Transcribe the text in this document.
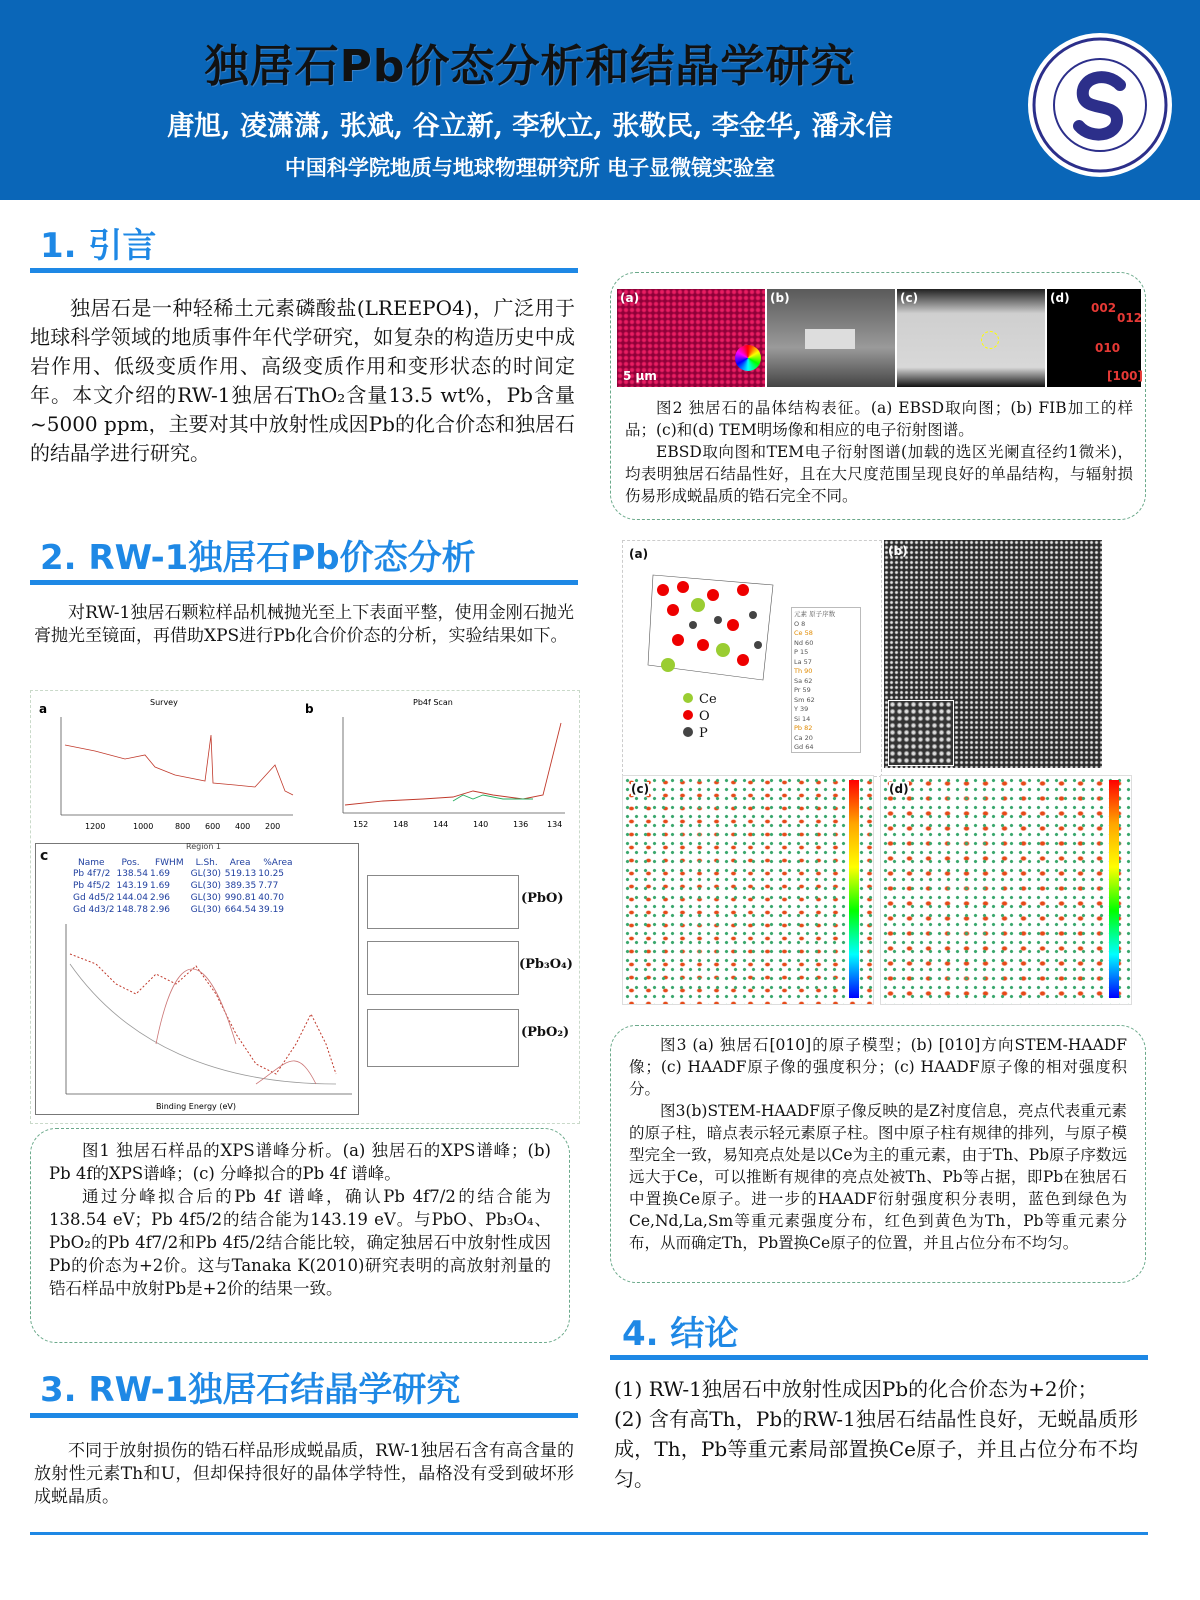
独居石Pb价态分析和结晶学研究
唐旭, 凌潇潇, 张斌, 谷立新, 李秋立, 张敬民, 李金华, 潘永信
中国科学院地质与地球物理研究所 电子显微镜实验室
1. 引言
独居石是一种轻稀土元素磷酸盐(LREEPO4)，广泛用于地球科学领域的地质事件年代学研究，如复杂的构造历史中成岩作用、低级变质作用、高级变质作用和变形状态的时间定年。本文介绍的RW-1独居石ThO₂含量13.5 wt%，Pb含量~5000 ppm，主要对其中放射性成因Pb的化合价态和独居石的结晶学进行研究。
2. RW-1独居石Pb价态分析
对RW-1独居石颗粒样品机械抛光至上下表面平整，使用金刚石抛光膏抛光至镜面，再借助XPS进行Pb化合价价态的分析，实验结果如下。
a	Survey
1200	1000	800 600 400 200
b	Pb4f Scan
152	148	144	140	136 134
c
Region 1
Name	Pos.	FWHM	L.Sh.	Area	%Area
Pb 4f7/2	138.54	1.69	GL(30)	519.13	10.25
Pb 4f5/2	143.19	1.69	GL(30)	389.35	7.77
Gd 4d5/2	144.04	2.96	GL(30)	990.81	40.70
Gd 4d3/2	148.78	2.96	GL(30)	664.54	39.19
Binding Energy (eV)
(PbO)
(Pb₃O₄)
(PbO₂)
图1 独居石样品的XPS谱峰分析。(a) 独居石的XPS谱峰；(b) Pb 4f的XPS谱峰；(c) 分峰拟合的Pb 4f 谱峰。
通过分峰拟合后的Pb 4f 谱峰，确认Pb 4f7/2的结合能为138.54 eV；Pb 4f5/2的结合能为143.19 eV。与PbO、Pb₃O₄、PbO₂的Pb 4f7/2和Pb 4f5/2结合能比较，确定独居石中放射性成因Pb的价态为+2价。这与Tanaka K(2010)研究表明的高放射剂量的锆石样品中放射Pb是+2价的结果一致。
3. RW-1独居石结晶学研究
不同于放射损伤的锆石样品形成蜕晶质，RW-1独居石含有高含量的放射性元素Th和U，但却保持很好的晶体学特性，晶格没有受到破坏形成蜕晶质。
(a)
5 μm
(b)	(c)	(d)
002
012
010
[100]
图2 独居石的晶体结构表征。(a) EBSD取向图；(b) FIB加工的样品；(c)和(d) TEM明场像和相应的电子衍射图谱。
EBSD取向图和TEM电子衍射图谱(加载的选区光阑直径约1微米)，均表明独居石结晶性好，且在大尺度范围呈现良好的单晶结构，与辐射损伤易形成蜕晶质的锆石完全不同。
(a)
Ce
O
P
元素 原子序数
O 8
Ce 58
Nd 60
P 15
La 57
Th 90
Sa 62
Pr 59
Sm 62
Y 39
Si 14
Pb 82
Ca 20
Gd 64
(b)
(c)	(d)
图3 (a) 独居石[010]的原子模型；(b) [010]方向STEM-HAADF像；(c) HAADF原子像的强度积分；(c) HAADF原子像的相对强度积分。
图3(b)STEM-HAADF原子像反映的是Z衬度信息，亮点代表重元素的原子柱，暗点表示轻元素原子柱。图中原子柱有规律的排列，与原子模型完全一致，易知亮点处是以Ce为主的重元素，由于Th、Pb原子序数远远大于Ce，可以推断有规律的亮点处被Th、Pb等占据，即Pb在独居石中置换Ce原子。进一步的HAADF衍射强度积分表明，蓝色到绿色为Ce,Nd,La,Sm等重元素强度分布，红色到黄色为Th，Pb等重元素分布，从而确定Th，Pb置换Ce原子的位置，并且占位分布不均匀。
4. 结论
(1) RW-1独居石中放射性成因Pb的化合价态为+2价；
(2) 含有高Th，Pb的RW-1独居石结晶性良好，无蜕晶质形成，Th，Pb等重元素局部置换Ce原子，并且占位分布不均匀。
